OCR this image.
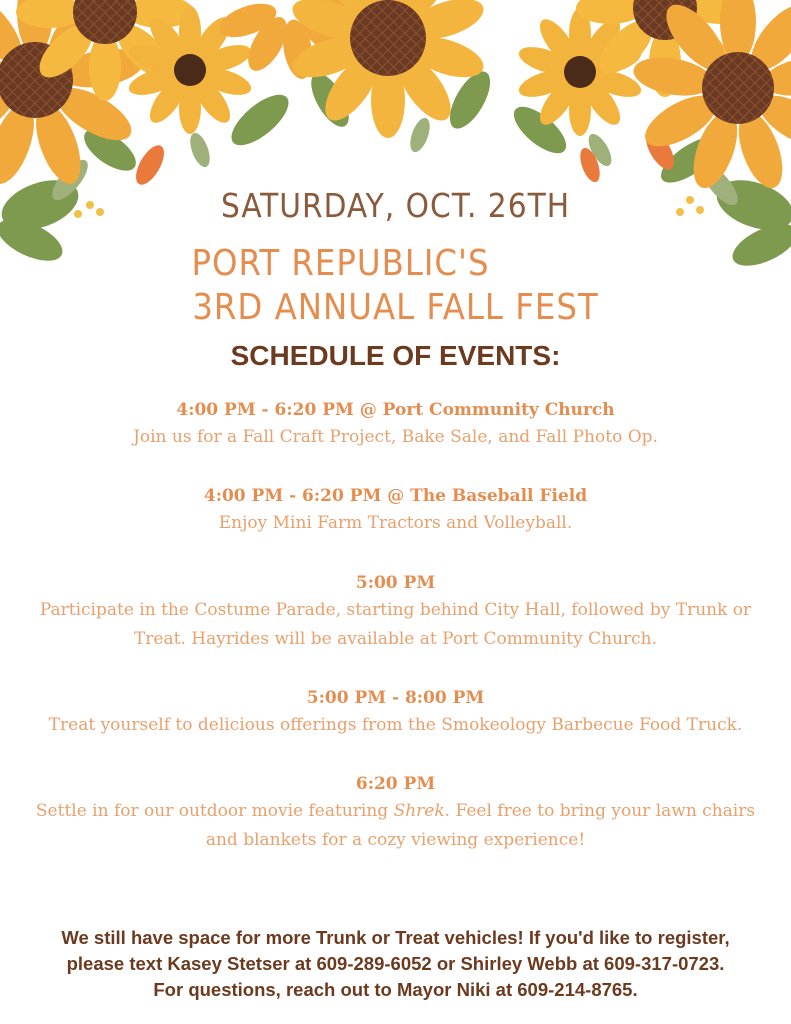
SATURDAY, OCT. 26TH
PORT REPUBLIC'S
3RD ANNUAL FALL FEST
SCHEDULE OF EVENTS:
4:00 PM - 6:20 PM @ Port Community Church
Join us for a Fall Craft Project, Bake Sale, and Fall Photo Op.
4:00 PM - 6:20 PM @ The Baseball Field
Enjoy Mini Farm Tractors and Volleyball.
5:00 PM
Participate in the Costume Parade, starting behind City Hall, followed by Trunk or
Treat. Hayrides will be available at Port Community Church.
5:00 PM - 8:00 PM
Treat yourself to delicious offerings from the Smokeology Barbecue Food Truck.
6:20 PM
Settle in for our outdoor movie featuring Shrek. Feel free to bring your lawn chairs
and blankets for a cozy viewing experience!
We still have space for more Trunk or Treat vehicles! If you'd like to register,
please text Kasey Stetser at 609-289-6052 or Shirley Webb at 609-317-0723.
For questions, reach out to Mayor Niki at 609-214-8765.
